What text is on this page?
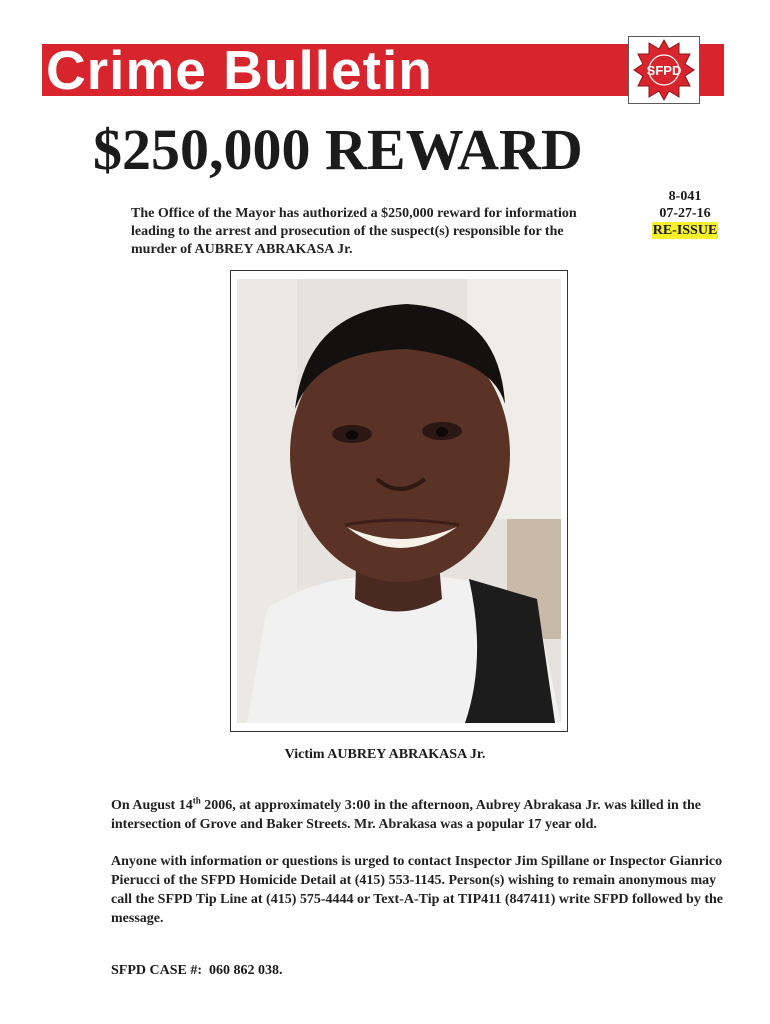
Crime Bulletin	SFPD
$250,000 REWARD
8-041
07-27-16
RE-ISSUE
The Office of the Mayor has authorized a $250,000 reward for information
leading to the arrest and prosecution of the suspect(s) responsible for the
murder of AUBREY ABRAKASA Jr.
Victim AUBREY ABRAKASA Jr.

On August 14th 2006, at approximately 3:00 in the afternoon, Aubrey Abrakasa Jr. was killed in the intersection of Grove and Baker Streets. Mr. Abrakasa was a popular 17 year old.

Anyone with information or questions is urged to contact Inspector Jim Spillane or Inspector Gianrico Pierucci of the SFPD Homicide Detail at (415) 553-1145. Person(s) wishing to remain anonymous may call the SFPD Tip Line at (415) 575-4444 or Text-A-Tip at TIP411 (847411) write SFPD followed by the message.

SFPD CASE #: 060 862 038.
